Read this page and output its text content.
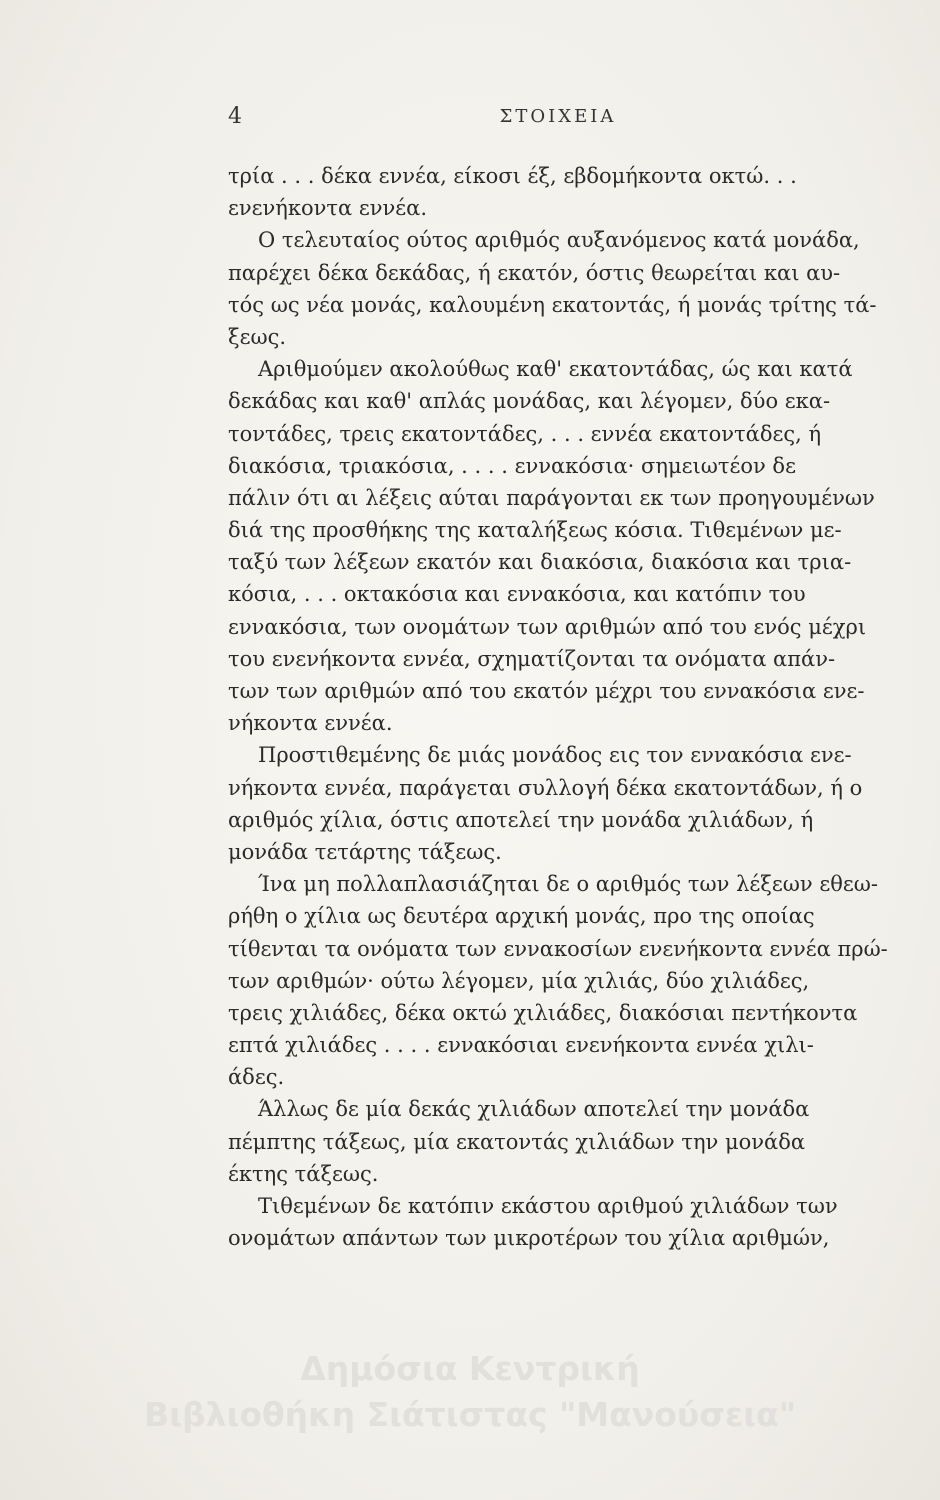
4	ΣΤΟΙΧΕΙΑ
τρία . . . δέκα εννέα, είκοσι έξ, εβδομήκοντα οκτώ. . .
ενενήκοντα εννέα.
Ο τελευταίος ούτος αριθμός αυξανόμενος κατά μονάδα,
παρέχει δέκα δεκάδας, ή εκατόν, όστις θεωρείται και αυ-
τός ως νέα μονάς, καλουμένη εκατοντάς, ή μονάς τρίτης τά-
ξεως.
Αριθμούμεν ακολούθως καθ' εκατοντάδας, ώς και κατά
δεκάδας και καθ' απλάς μονάδας, και λέγομεν, δύο εκα-
τοντάδες, τρεις εκατοντάδες, . . . εννέα εκατοντάδες, ή
διακόσια, τριακόσια, . . . . εννακόσια· σημειωτέον δε
πάλιν ότι αι λέξεις αύται παράγονται εκ των προηγουμένων
διά της προσθήκης της καταλήξεως κόσια. Τιθεμένων με-
ταξύ των λέξεων εκατόν και διακόσια, διακόσια και τρια-
κόσια, . . . οκτακόσια και εννακόσια, και κατόπιν του
εννακόσια, των ονομάτων των αριθμών από του ενός μέχρι
του ενενήκοντα εννέα, σχηματίζονται τα ονόματα απάν-
των των αριθμών από του εκατόν μέχρι του εννακόσια ενε-
νήκοντα εννέα.
Προστιθεμένης δε μιάς μονάδος εις τον εννακόσια ενε-
νήκοντα εννέα, παράγεται συλλογή δέκα εκατοντάδων, ή ο
αριθμός χίλια, όστις αποτελεί την μονάδα χιλιάδων, ή
μονάδα τετάρτης τάξεως.
Ίνα μη πολλαπλασιάζηται δε ο αριθμός των λέξεων εθεω-
ρήθη ο χίλια ως δευτέρα αρχική μονάς, προ της οποίας
τίθενται τα ονόματα των εννακοσίων ενενήκοντα εννέα πρώ-
των αριθμών· ούτω λέγομεν, μία χιλιάς, δύο χιλιάδες,
τρεις χιλιάδες, δέκα οκτώ χιλιάδες, διακόσιαι πεντήκοντα
επτά χιλιάδες . . . . εννακόσιαι ενενήκοντα εννέα χιλι-
άδες.
Άλλως δε μία δεκάς χιλιάδων αποτελεί την μονάδα
πέμπτης τάξεως, μία εκατοντάς χιλιάδων την μονάδα
έκτης τάξεως.
Τιθεμένων δε κατόπιν εκάστου αριθμού χιλιάδων των
ονομάτων απάντων των μικροτέρων του χίλια αριθμών,
Δημόσια Κεντρική
Βιβλιοθήκη Σιάτιστας "Μανούσεια"
